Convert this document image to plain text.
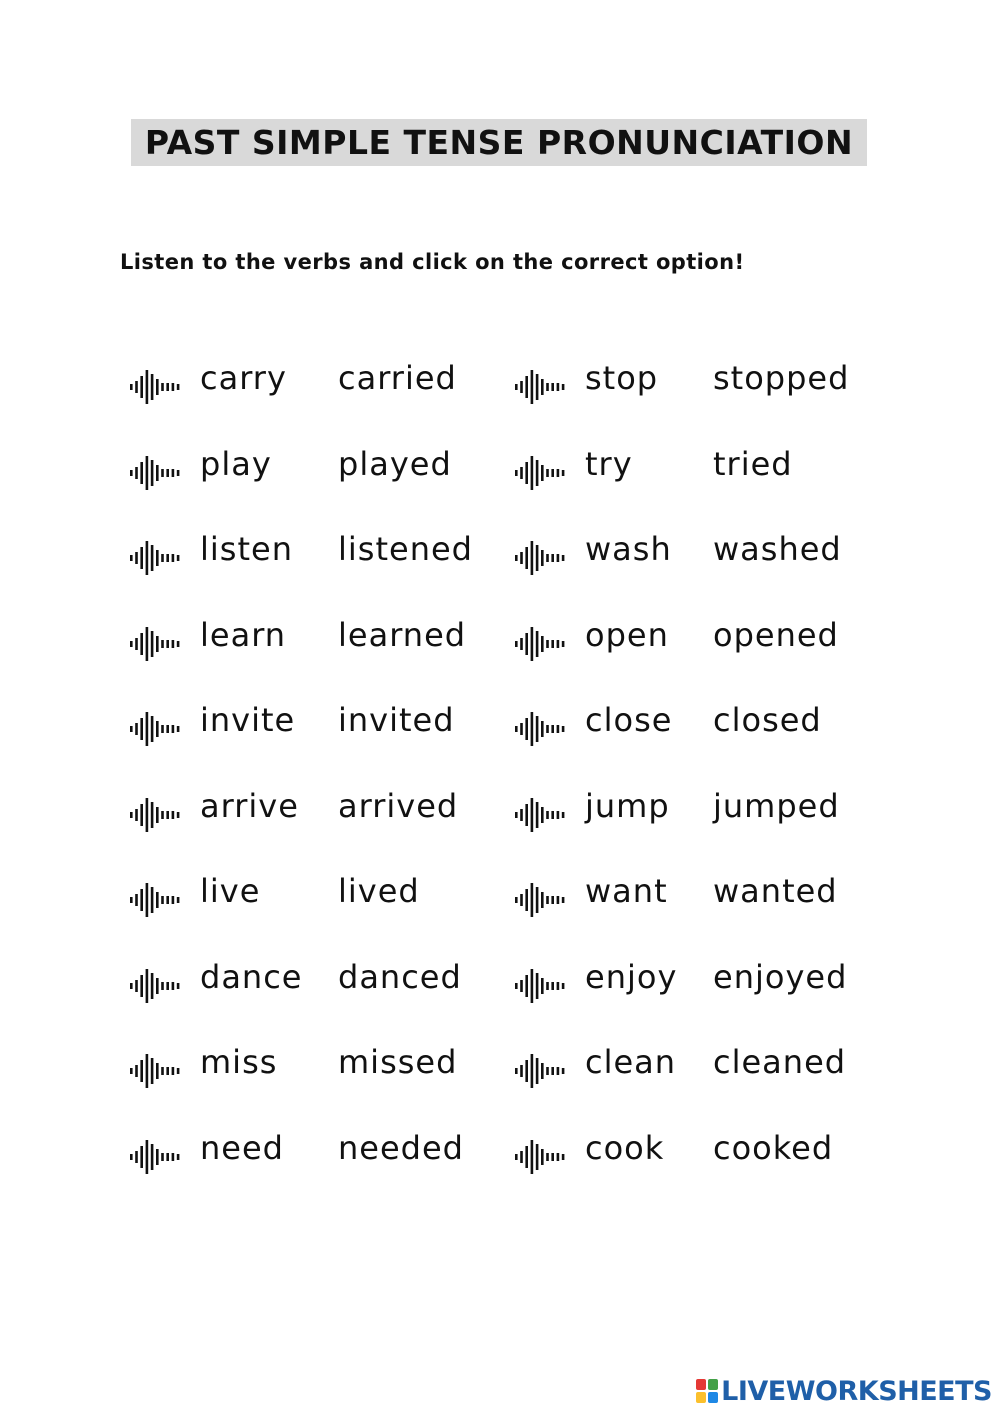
PAST SIMPLE TENSE PRONUNCIATION
Listen to the verbs and click on the correct option!
carry carried
play played
listen listened
learn learned
invite invited
arrive arrived
live lived
dance danced
miss missed
need needed
stop stopped
try	tried
wash washed
open opened
close closed
jump jumped
want wanted
enjoy enjoyed
clean cleaned
cook cooked
LIVEWORKSHEETS
